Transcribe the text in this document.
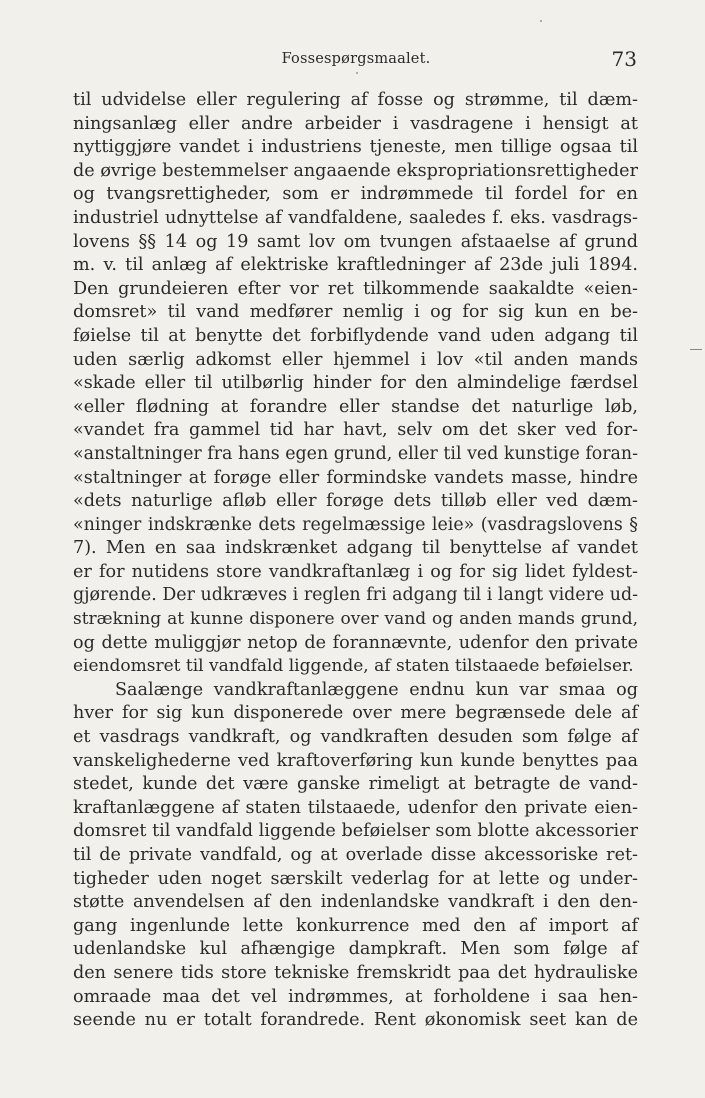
Fossespørgsmaalet.	73
til udvidelse eller regulering af fosse og strømme, til dæm-
ningsanlæg eller andre arbeider i vasdragene i hensigt at
nyttiggjøre vandet i industriens tjeneste, men tillige ogsaa til
de øvrige bestemmelser angaaende ekspropriationsrettigheder
og tvangsrettigheder, som er indrømmede til fordel for en
industriel udnyttelse af vandfaldene, saaledes f. eks. vasdrags-
lovens §§ 14 og 19 samt lov om tvungen afstaaelse af grund
m. v. til anlæg af elektriske kraftledninger af 23de juli 1894.
Den grundeieren efter vor ret tilkommende saakaldte «eien-
domsret» til vand medfører nemlig i og for sig kun en be-
føielse til at benytte det forbiflydende vand uden adgang til
uden særlig adkomst eller hjemmel i lov «til anden mands
«skade eller til utilbørlig hinder for den almindelige færdsel
«eller flødning at forandre eller standse det naturlige løb,
«vandet fra gammel tid har havt, selv om det sker ved for-
«anstaltninger fra hans egen grund, eller til ved kunstige foran-
«staltninger at forøge eller formindske vandets masse, hindre
«dets naturlige afløb eller forøge dets tilløb eller ved dæm-
«ninger indskrænke dets regelmæssige leie» (vasdragslovens §
7). Men en saa indskrænket adgang til benyttelse af vandet
er for nutidens store vandkraftanlæg i og for sig lidet fyldest-
gjørende. Der udkræves i reglen fri adgang til i langt videre ud-
strækning at kunne disponere over vand og anden mands grund,
og dette muliggjør netop de forannævnte, udenfor den private
eiendomsret til vandfald liggende, af staten tilstaaede beføielser.
Saalænge vandkraftanlæggene endnu kun var smaa og
hver for sig kun disponerede over mere begrænsede dele af
et vasdrags vandkraft, og vandkraften desuden som følge af
vanskelighederne ved kraftoverføring kun kunde benyttes paa
stedet, kunde det være ganske rimeligt at betragte de vand-
kraftanlæggene af staten tilstaaede, udenfor den private eien-
domsret til vandfald liggende beføielser som blotte akcessorier
til de private vandfald, og at overlade disse akcessoriske ret-
tigheder uden noget særskilt vederlag for at lette og under-
støtte anvendelsen af den indenlandske vandkraft i den den-
gang ingenlunde lette konkurrence med den af import af
udenlandske kul afhængige dampkraft. Men som følge af
den senere tids store tekniske fremskridt paa det hydrauliske
omraade maa det vel indrømmes, at forholdene i saa hen-
seende nu er totalt forandrede. Rent økonomisk seet kan de
